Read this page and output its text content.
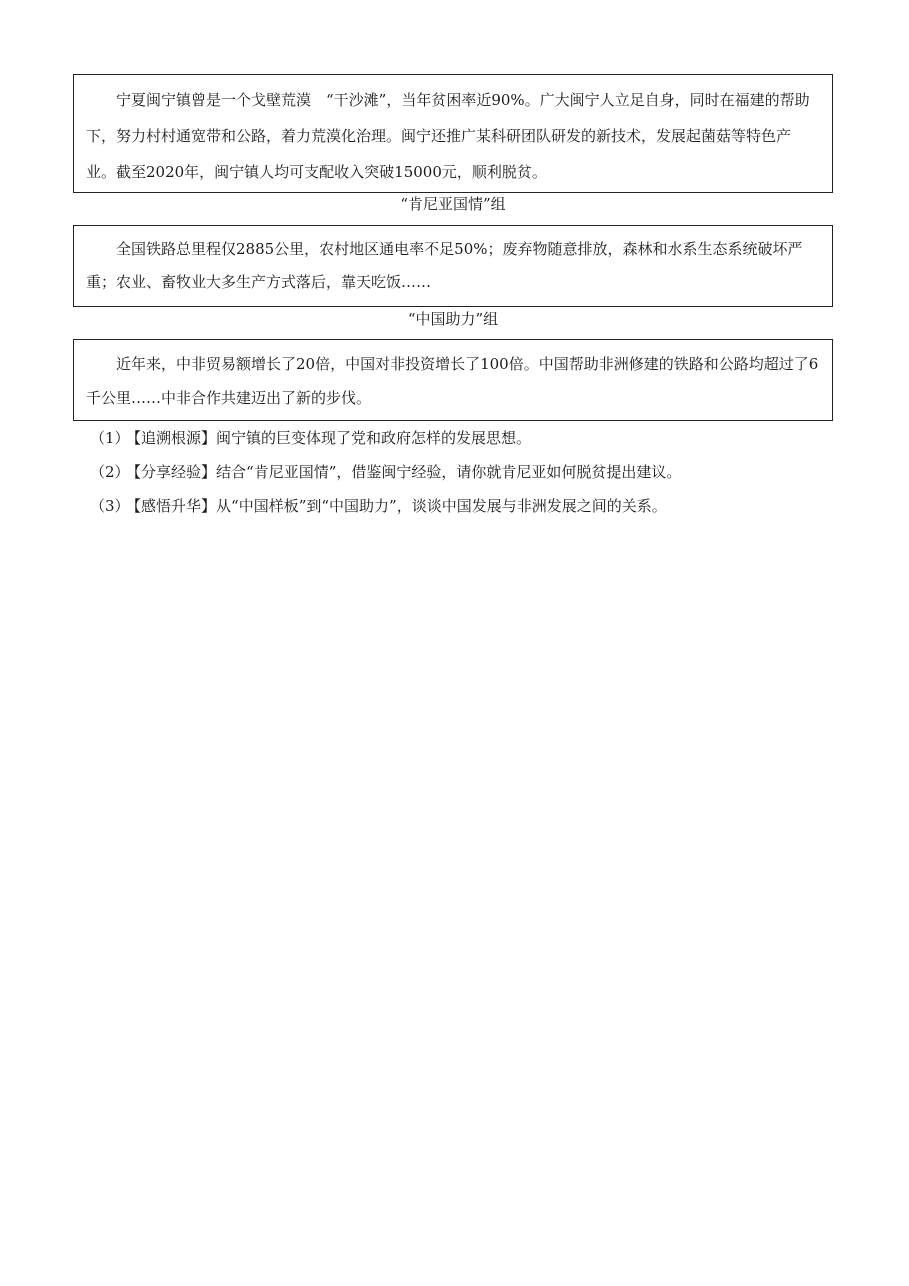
宁夏闽宁镇曾是一个戈壁荒漠　“干沙滩”，当年贫困率近90%。广大闽宁人立足自身，同时在福建的帮助下，努力村村通宽带和公路，着力荒漠化治理。闽宁还推广某科研团队研发的新技术，发展起菌菇等特色产业。截至2020年，闽宁镇人均可支配收入突破15000元，顺利脱贫。

“肯尼亚国情”组

全国铁路总里程仅2885公里，农村地区通电率不足50%；废弃物随意排放，森林和水系生态系统破坏严重；农业、畜牧业大多生产方式落后，靠天吃饭……

“中国助力”组

近年来，中非贸易额增长了20倍，中国对非投资增长了100倍。中国帮助非洲修建的铁路和公路均超过了6千公里……中非合作共建迈出了新的步伐。

（1） 【追溯根源】闽宁镇的巨变体现了党和政府怎样的发展思想。
（2） 【分享经验】结合“肯尼亚国情”，借鉴闽宁经验，请你就肯尼亚如何脱贫提出建议。
（3） 【感悟升华】从“中国样板”到“中国助力”，谈谈中国发展与非洲发展之间的关系。
